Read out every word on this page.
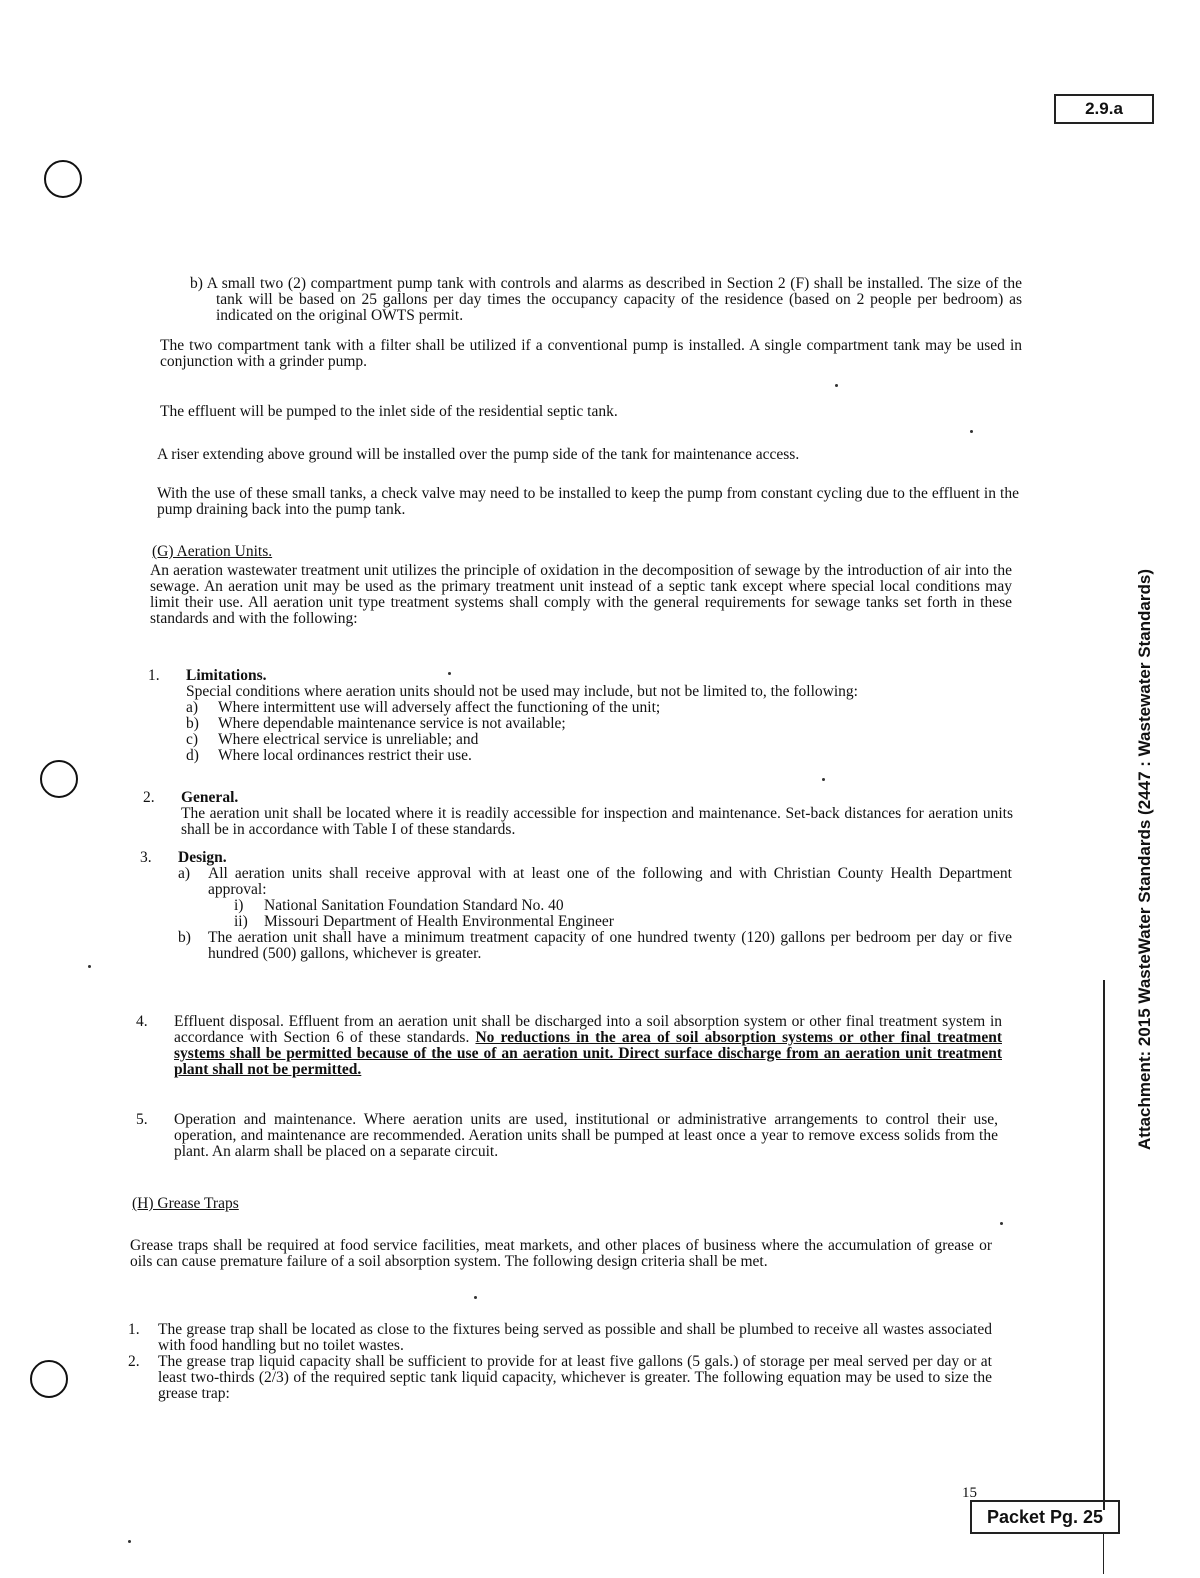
2.9.a
Attachment: 2015 WasteWater Standards (2447 : Wastewater Standards)

b) A small two (2) compartment pump tank with controls and alarms as described in Section 2 (F) shall be installed. The size of the tank will be based on 25 gallons per day times the occupancy capacity of the residence (based on 2 people per bedroom) as indicated on the original OWTS permit.

The two compartment tank with a filter shall be utilized if a conventional pump is installed. A single compartment tank may be used in conjunction with a grinder pump.

The effluent will be pumped to the inlet side of the residential septic tank.

A riser extending above ground will be installed over the pump side of the tank for maintenance access.

With the use of these small tanks, a check valve may need to be installed to keep the pump from constant cycling due to the effluent in the pump draining back into the pump tank.

(G) Aeration Units.
An aeration wastewater treatment unit utilizes the principle of oxidation in the decomposition of sewage by the introduction of air into the sewage. An aeration unit may be used as the primary treatment unit instead of a septic tank except where special local conditions may limit their use. All aeration unit type treatment systems shall comply with the general requirements for sewage tanks set forth in these standards and with the following:
1.	Limitations.

Special conditions where aeration units should not be used may include, but not be limited to, the following:

a)	Where intermittent use will adversely affect the functioning of the unit;
b)	Where dependable maintenance service is not available;
c)	Where electrical service is unreliable; and
d)	Where local ordinances restrict their use.
2.	General.

The aeration unit shall be located where it is readily accessible for inspection and maintenance. Set-back distances for aeration units shall be in accordance with Table I of these standards.

3.	Design.

a)	All aeration units shall receive approval with at least one of the following and with Christian County Health Department approval:
i)	National Sanitation Foundation Standard No. 40
ii)	Missouri Department of Health Environmental Engineer
b)	The aeration unit shall have a minimum treatment capacity of one hundred twenty (120) gallons per bedroom per day or five hundred (500) gallons, whichever is greater.
4.	Effluent disposal. Effluent from an aeration unit shall be discharged into a soil absorption system or other final treatment system in accordance with Section 6 of these standards. No reductions in the area of soil absorption systems or other final treatment systems shall be permitted because of the use of an aeration unit. Direct surface discharge from an aeration unit treatment plant shall not be permitted.

5.	Operation and maintenance. Where aeration units are used, institutional or administrative arrangements to control their use, operation, and maintenance are recommended. Aeration units shall be pumped at least once a year to remove excess solids from the plant. An alarm shall be placed on a separate circuit.

(H) Grease Traps
Grease traps shall be required at food service facilities, meat markets, and other places of business where the accumulation of grease or oils can cause premature failure of a soil absorption system. The following design criteria shall be met.
1.	The grease trap shall be located as close to the fixtures being served as possible and shall be plumbed to receive all wastes associated with food handling but no toilet wastes.

2.	The grease trap liquid capacity shall be sufficient to provide for at least five gallons (5 gals.) of storage per meal served per day or at least two-thirds (2/3) of the required septic tank liquid capacity, whichever is greater. The following equation may be used to size the grease trap:

15
Packet Pg. 25
